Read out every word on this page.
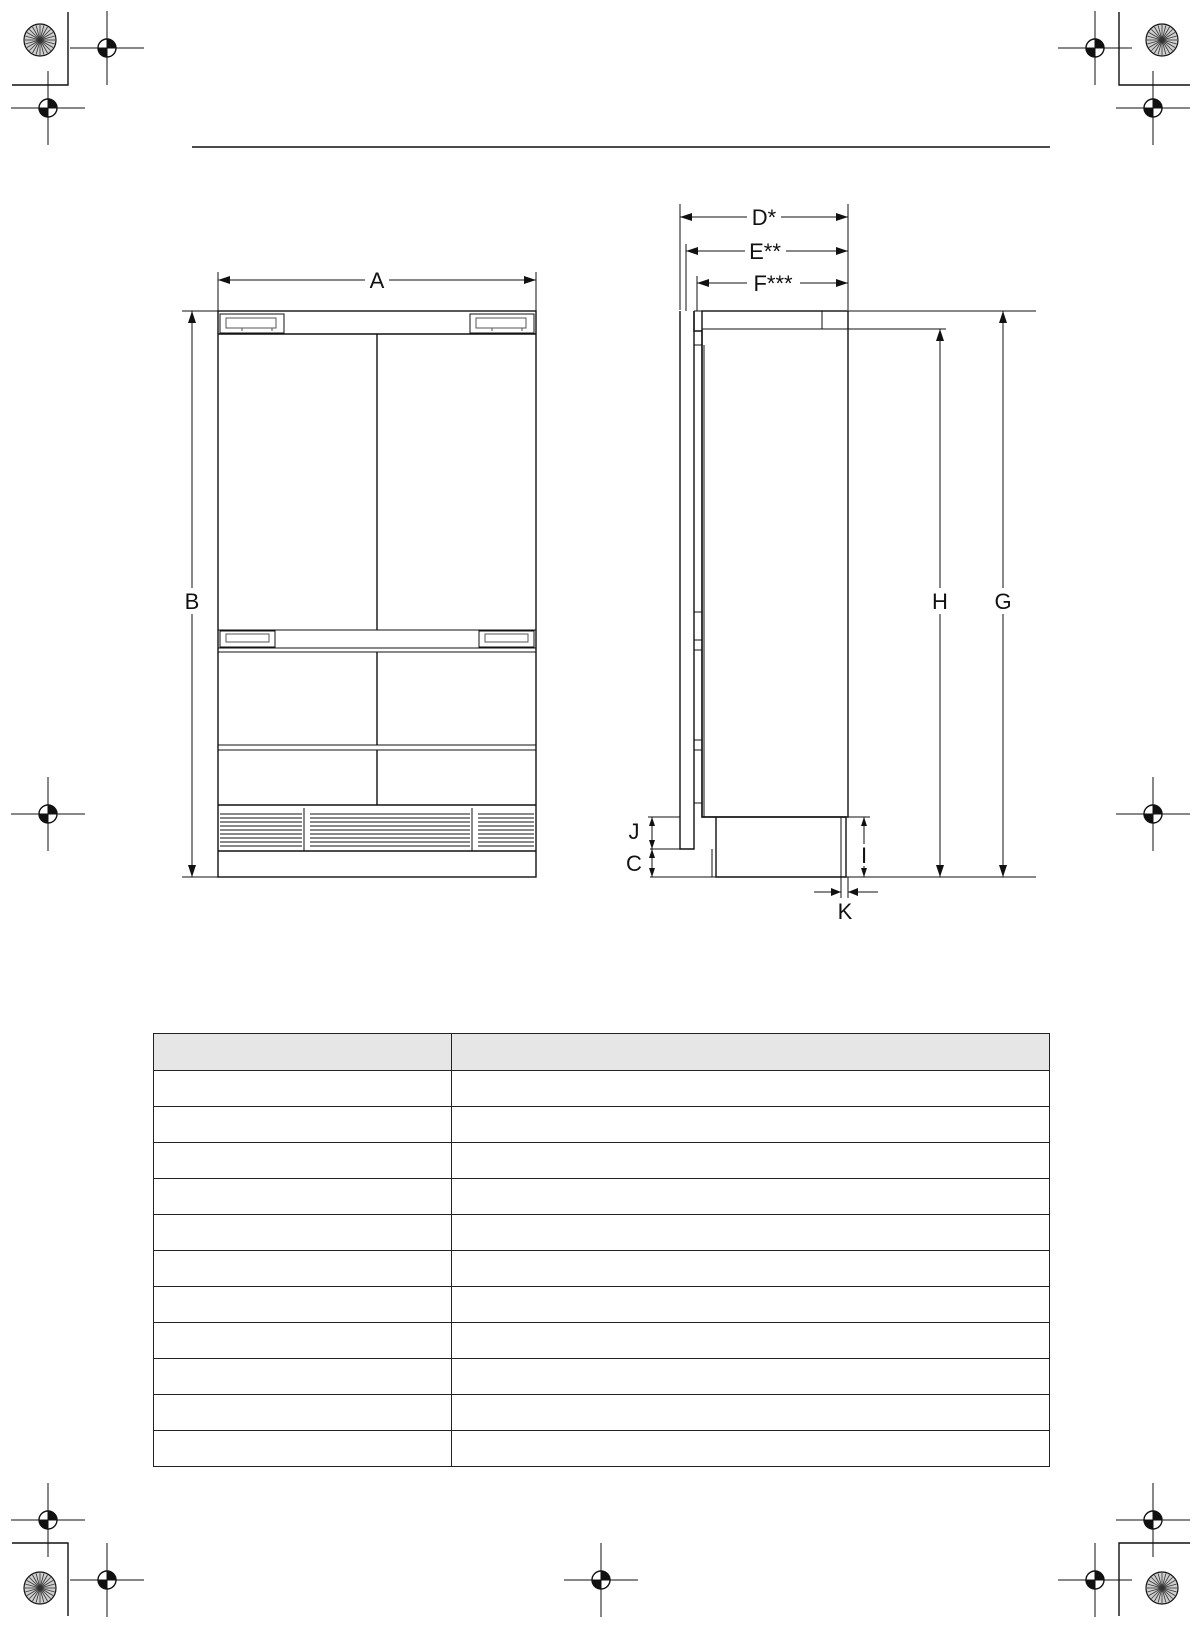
A
B
D*
E**
F***
H G
J
C	I
K
